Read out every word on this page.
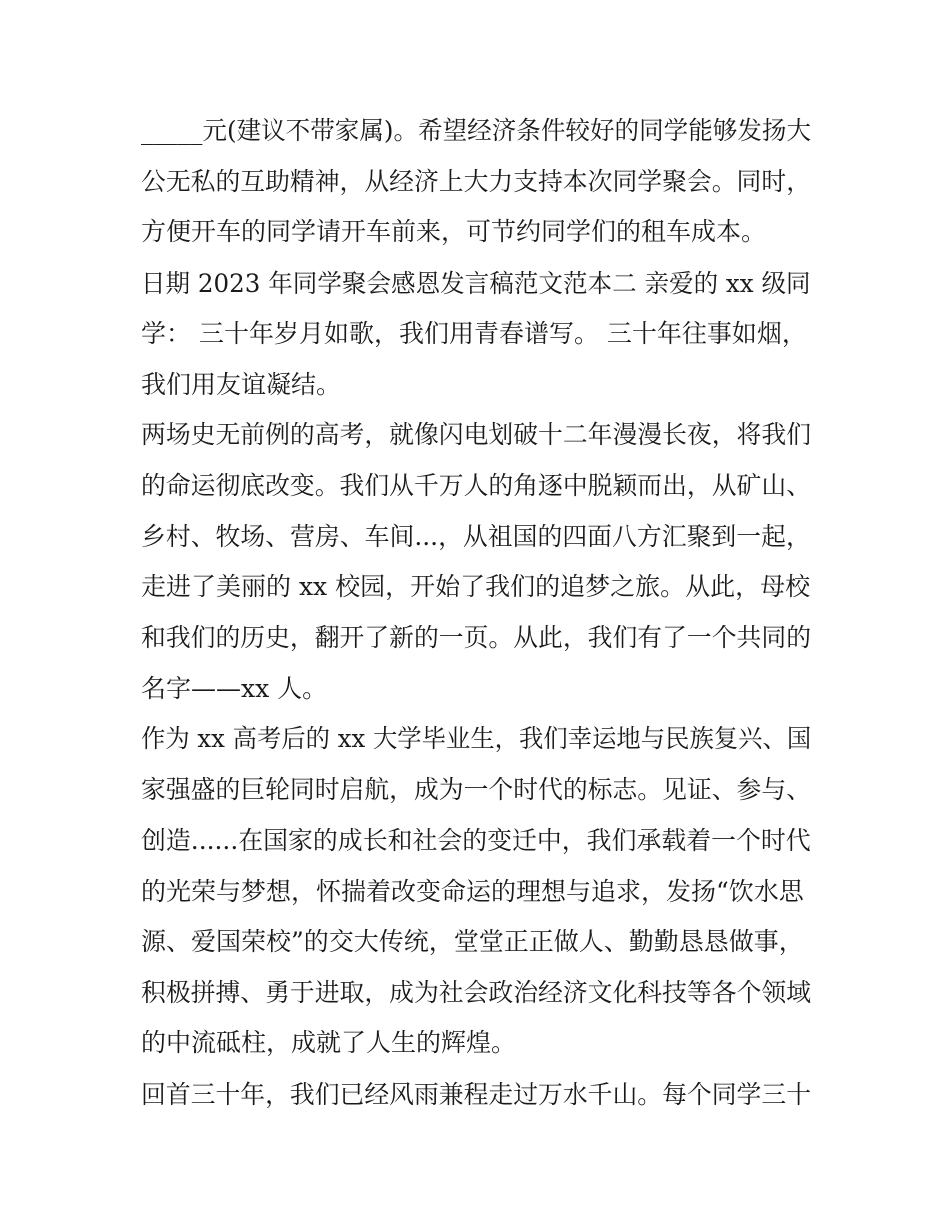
_____元(建议不带家属)。希望经济条件较好的同学能够发扬大

公无私的互助精神，从经济上大力支持本次同学聚会。同时，

方便开车的同学请开车前来，可节约同学们的租车成本。

日期 2023 年同学聚会感恩发言稿范文范本二 亲爱的 xx 级同

学： 三十年岁月如歌，我们用青春谱写。 三十年往事如烟，

我们用友谊凝结。

两场史无前例的高考，就像闪电划破十二年漫漫长夜，将我们

的命运彻底改变。我们从千万人的角逐中脱颖而出，从矿山、

乡村、牧场、营房、车间...，从祖国的四面八方汇聚到一起，

走进了美丽的 xx 校园，开始了我们的追梦之旅。从此，母校

和我们的历史，翻开了新的一页。从此，我们有了一个共同的

名字——xx 人。

作为 xx 高考后的 xx 大学毕业生，我们幸运地与民族复兴、国

家强盛的巨轮同时启航，成为一个时代的标志。见证、参与、

创造......在国家的成长和社会的变迁中，我们承载着一个时代

的光荣与梦想，怀揣着改变命运的理想与追求，发扬“饮水思

源、爱国荣校”的交大传统，堂堂正正做人、勤勤恳恳做事，

积极拼搏、勇于进取，成为社会政治经济文化科技等各个领域

的中流砥柱，成就了人生的辉煌。

回首三十年，我们已经风雨兼程走过万水千山。每个同学三十
